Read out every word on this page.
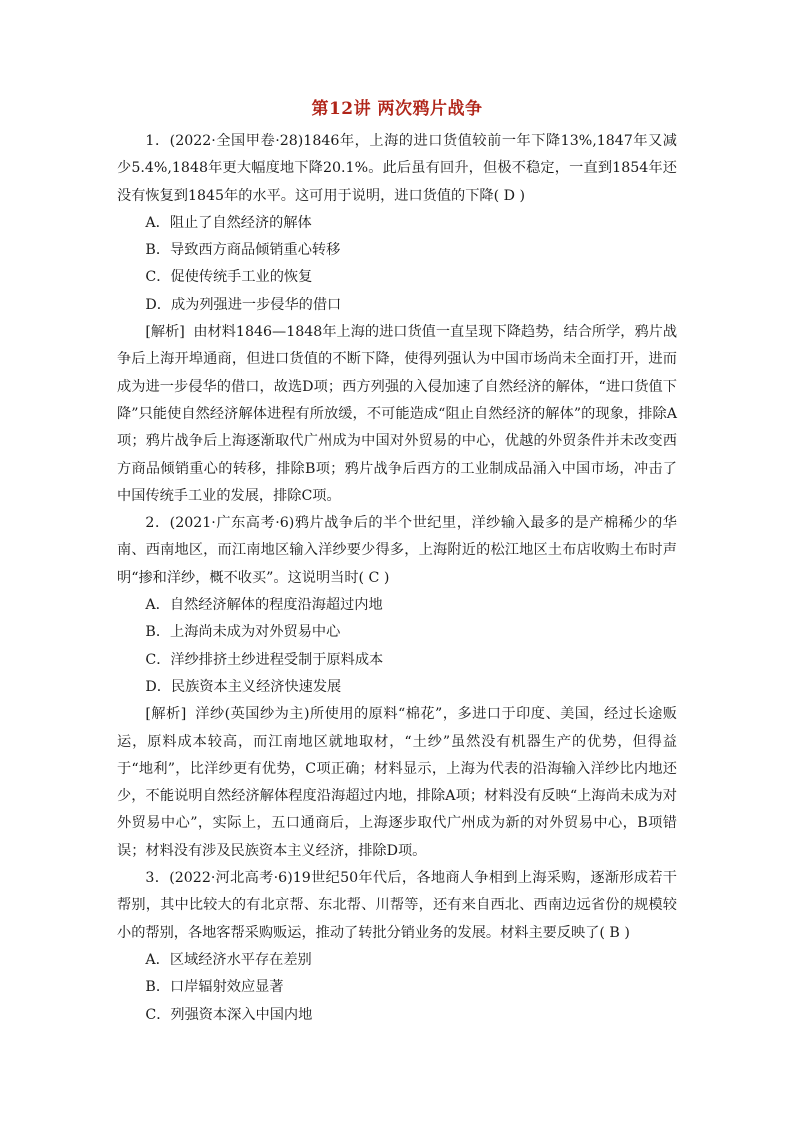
第12讲 两次鸦片战争

1．(2022·全国甲卷·28)1846年，上海的进口货值较前一年下降13%,1847年又减少5.4%,1848年更大幅度地下降20.1%。此后虽有回升，但极不稳定，一直到1854年还没有恢复到1845年的水平。这可用于说明，进口货值的下降( D )

A．阻止了自然经济的解体

B．导致西方商品倾销重心转移

C．促使传统手工业的恢复

D．成为列强进一步侵华的借口

[解析] 由材料1846—1848年上海的进口货值一直呈现下降趋势，结合所学，鸦片战争后上海开埠通商，但进口货值的不断下降，使得列强认为中国市场尚未全面打开，进而成为进一步侵华的借口，故选D项；西方列强的入侵加速了自然经济的解体，“进口货值下降”只能使自然经济解体进程有所放缓，不可能造成“阻止自然经济的解体”的现象，排除A项；鸦片战争后上海逐渐取代广州成为中国对外贸易的中心，优越的外贸条件并未改变西方商品倾销重心的转移，排除B项；鸦片战争后西方的工业制成品涌入中国市场，冲击了中国传统手工业的发展，排除C项。

2．(2021·广东高考·6)鸦片战争后的半个世纪里，洋纱输入最多的是产棉稀少的华南、西南地区，而江南地区输入洋纱要少得多，上海附近的松江地区土布店收购土布时声明“掺和洋纱，概不收买”。这说明当时( C )

A．自然经济解体的程度沿海超过内地

B．上海尚未成为对外贸易中心

C．洋纱排挤土纱进程受制于原料成本

D．民族资本主义经济快速发展

[解析] 洋纱(英国纱为主)所使用的原料“棉花”，多进口于印度、美国，经过长途贩运，原料成本较高，而江南地区就地取材，“土纱”虽然没有机器生产的优势，但得益于“地利”，比洋纱更有优势，C项正确；材料显示，上海为代表的沿海输入洋纱比内地还少，不能说明自然经济解体程度沿海超过内地，排除A项；材料没有反映“上海尚未成为对外贸易中心”，实际上，五口通商后，上海逐步取代广州成为新的对外贸易中心，B项错误；材料没有涉及民族资本主义经济，排除D项。

3．(2022·河北高考·6)19世纪50年代后，各地商人争相到上海采购，逐渐形成若干帮别，其中比较大的有北京帮、东北帮、川帮等，还有来自西北、西南边远省份的规模较小的帮别，各地客帮采购贩运，推动了转批分销业务的发展。材料主要反映了( B )

A．区域经济水平存在差别

B．口岸辐射效应显著

C．列强资本深入中国内地
